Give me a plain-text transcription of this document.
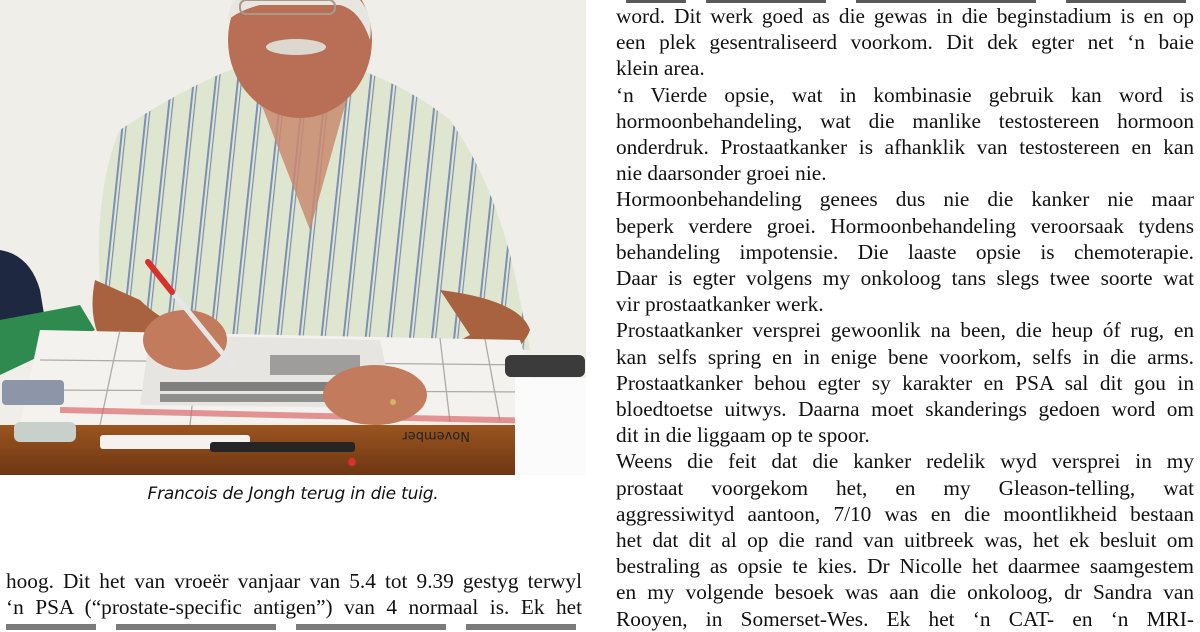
November
Francois de Jongh terug in die tuig.
word. Dit werk goed as die gewas in die beginstadium is en op
een plek gesentraliseerd voorkom. Dit dek egter net ‘n baie
klein area.
‘n Vierde opsie, wat in kombinasie gebruik kan word is
hormoonbehandeling, wat die manlike testostereen hormoon
onderdruk. Prostaatkanker is afhanklik van testostereen en kan
nie daarsonder groei nie.
Hormoonbehandeling genees dus nie die kanker nie maar
beperk verdere groei. Hormoonbehandeling veroorsaak tydens
behandeling impotensie. Die laaste opsie is chemoterapie.
Daar is egter volgens my onkoloog tans slegs twee soorte wat
vir prostaatkanker werk.
Prostaatkanker versprei gewoonlik na been, die heup óf rug, en
kan selfs spring en in enige bene voorkom, selfs in die arms.
Prostaatkanker behou egter sy karakter en PSA sal dit gou in
bloedtoetse uitwys. Daarna moet skanderings gedoen word om
dit in die liggaam op te spoor.
Weens die feit dat die kanker redelik wyd versprei in my
prostaat voorgekom het, en my Gleason-telling, wat
aggressiwityd aantoon, 7/10 was en die moontlikheid bestaan
het dat dit al op die rand van uitbreek was, het ek besluit om
bestraling as opsie te kies. Dr Nicolle het daarmee saamgestem
en my volgende besoek was aan die onkoloog, dr Sandra van
Rooyen, in Somerset-Wes. Ek het ‘n CAT- en ‘n MRI-
hoog. Dit het van vroeër vanjaar van 5.4 tot 9.39 gestyg terwyl
‘n PSA (“prostate-specific antigen”) van 4 normaal is. Ek het
